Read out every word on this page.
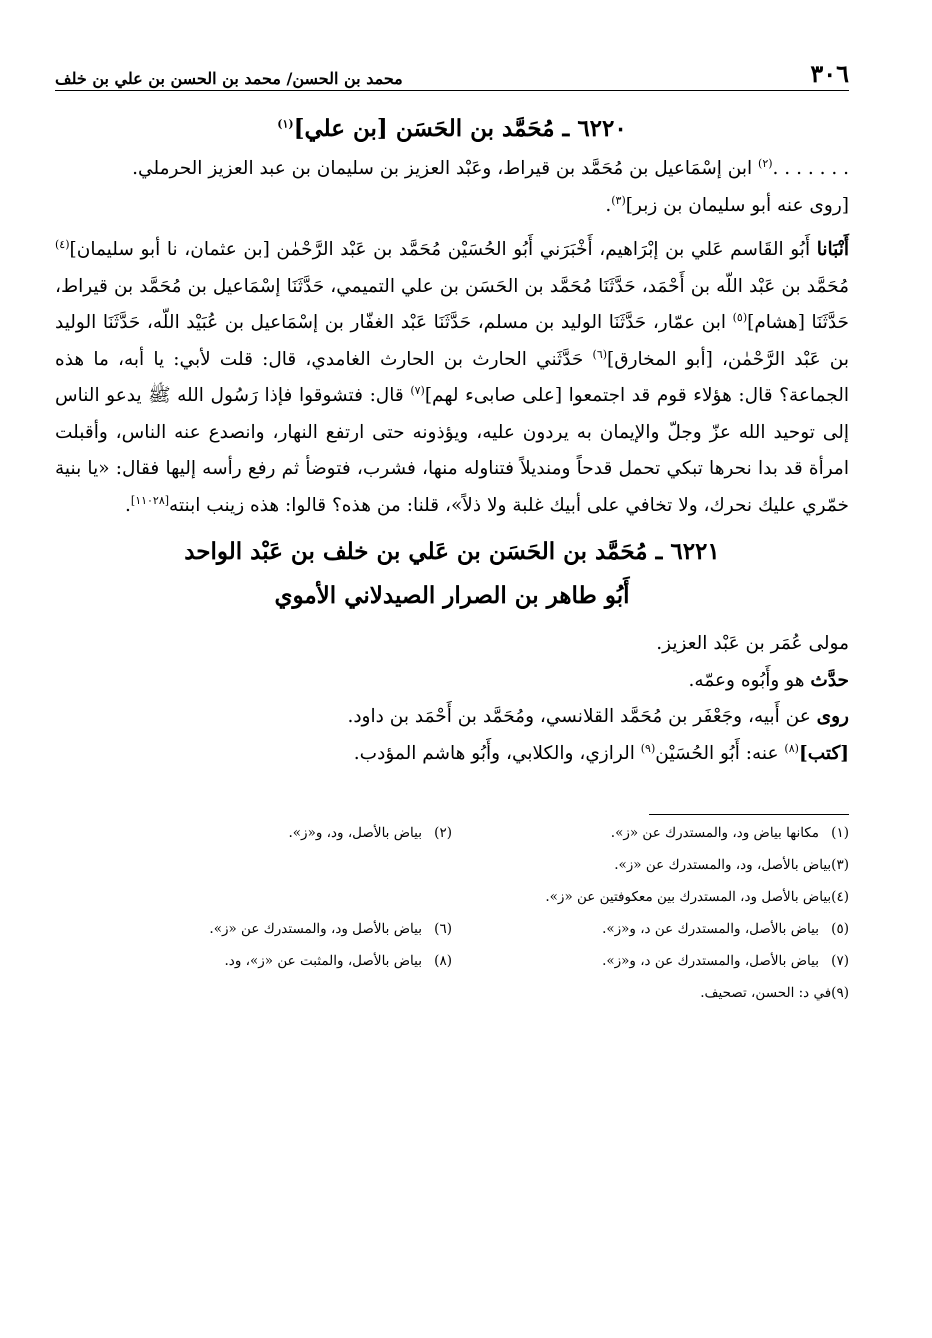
٣٠٦
محمد بن الحسن/ محمد بن الحسن بن علي بن خلف
٦٢٢٠ ـ مُحَمَّد بن الحَسَن [بن علي]$^{(١)}$

. . . . . . .$^{(٢)}$ ابن إسْمَاعيل بن مُحَمَّد بن قيراط، وعَبْد العزيز بن سليمان بن عبد العزيز الحرملي.

[روى عنه أبو سليمان بن زبر]$^{(٣)}$.

أَنْبَانا أَبُو القَاسم عَلي بن إبْرَاهيم، أَخْبَرَني أَبُو الحُسَيْن مُحَمَّد بن عَبْد الرَّحْمٰن [بن عثمان، نا أبو سليمان]$^{(٤)}$ مُحَمَّد بن عَبْد اللّه بن أَحْمَد، حَدَّثَنَا مُحَمَّد بن الحَسَن بن علي التميمي، حَدَّثَنَا إسْمَاعيل بن مُحَمَّد بن قيراط، حَدَّثَنَا [هشام]$^{(٥)}$ ابن عمّار، حَدَّثَنَا الوليد بن مسلم، حَدَّثَنَا عَبْد الغفّار بن إسْمَاعيل بن عُبَيْد اللّه، حَدَّثَنَا الوليد بن عَبْد الرَّحْمٰن، [أبو المخارق]$^{(٦)}$ حَدَّثَني الحارث بن الحارث الغامدي، قال: قلت لأبي: يا أبه، ما هذه الجماعة؟ قال: هؤلاء قوم قد اجتمعوا [على صابىء لهم]$^{(٧)}$ قال: فتشوقوا فإذا رَسُول الله ﷺ يدعو الناس إلى توحيد الله عزّ وجلّ والإيمان به يردون عليه، ويؤذونه حتى ارتفع النهار، وانصدع عنه الناس، وأقبلت امرأة قد بدا نحرها تبكي تحمل قدحاً ومنديلاً فتناوله منها، فشرب، فتوضأ ثم رفع رأسه إليها فقال: «يا بنية خمّري عليك نحرك، ولا تخافي على أبيك غلبة ولا ذلاً»، قلنا: من هذه؟ قالوا: هذه زينب ابنته[١١٠٢٨].

٦٢٢١ ـ مُحَمَّد بن الحَسَن بن عَلي بن خلف بن عَبْد الواحد
أَبُو طاهر بن الصرار الصيدلاني الأموي

مولى عُمَر بن عَبْد العزيز.

حدَّث هو وأَبُوه وعمّه.

روى عن أَبيه، وجَعْفَر بن مُحَمَّد القلانسي، ومُحَمَّد بن أَحْمَد بن داود.

[كتب]$^{(٨)}$ عنه: أَبُو الحُسَيْن$^{(٩)}$ الرازي، والكلابي، وأَبُو هاشم المؤدب.

(١)مكانها بياض ود، والمستدرك عن «ز».
(٢)بياض بالأصل، ود، و«ز».
(٣)بياض بالأصل، ود، والمستدرك عن «ز».
(٤)بياض بالأصل ود، المستدرك بين معكوفتين عن «ز».
(٥)بياض بالأصل، والمستدرك عن د، و«ز».
(٦)بياض بالأصل ود، والمستدرك عن «ز».
(٧)بياض بالأصل، والمستدرك عن د، و«ز».
(٨)بياض بالأصل، والمثبت عن «ز»، ود.
(٩)في د: الحسن، تصحيف.
